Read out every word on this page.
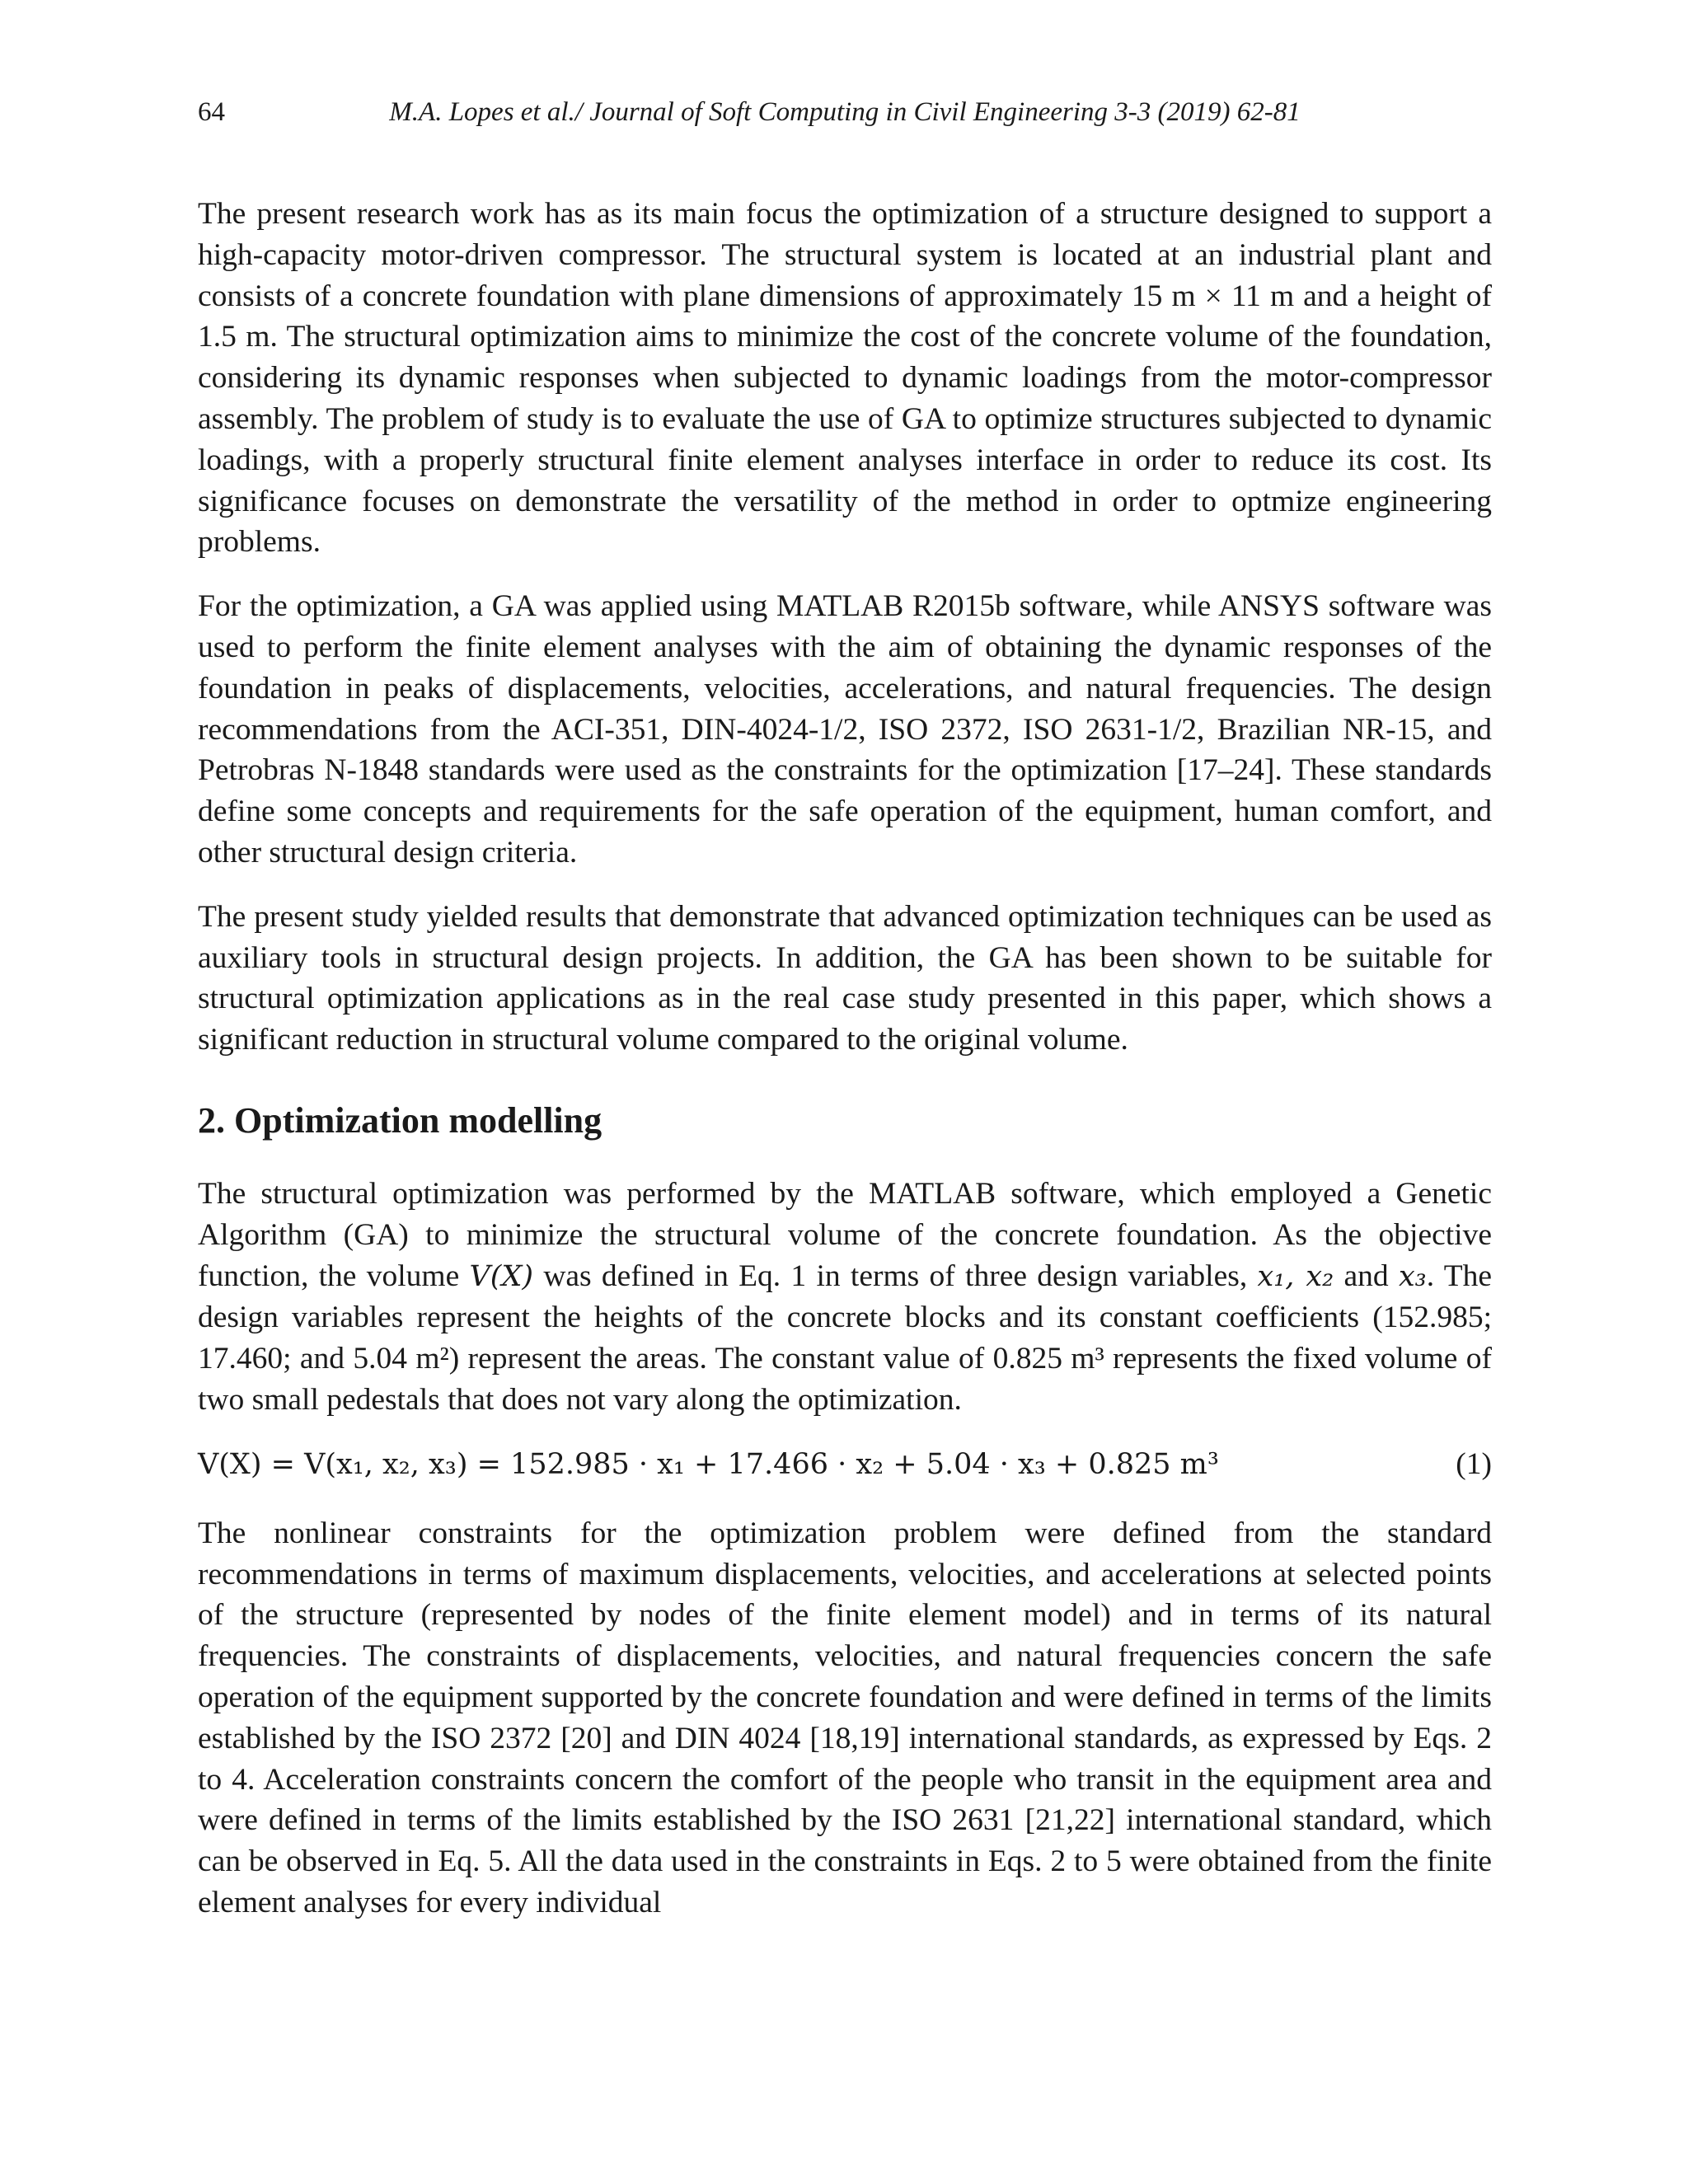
64	M.A. Lopes et al./ Journal of Soft Computing in Civil Engineering 3-3 (2019) 62-81

The present research work has as its main focus the optimization of a structure designed to support a high-capacity motor-driven compressor. The structural system is located at an industrial plant and consists of a concrete foundation with plane dimensions of approximately 15 m × 11 m and a height of 1.5 m. The structural optimization aims to minimize the cost of the concrete volume of the foundation, considering its dynamic responses when subjected to dynamic loadings from the motor-compressor assembly. The problem of study is to evaluate the use of GA to optimize structures subjected to dynamic loadings, with a properly structural finite element analyses interface in order to reduce its cost. Its significance focuses on demonstrate the versatility of the method in order to optmize engineering problems.

For the optimization, a GA was applied using MATLAB R2015b software, while ANSYS software was used to perform the finite element analyses with the aim of obtaining the dynamic responses of the foundation in peaks of displacements, velocities, accelerations, and natural frequencies. The design recommendations from the ACI-351, DIN-4024-1/2, ISO 2372, ISO 2631-1/2, Brazilian NR-15, and Petrobras N-1848 standards were used as the constraints for the optimization [17–24]. These standards define some concepts and requirements for the safe operation of the equipment, human comfort, and other structural design criteria.

The present study yielded results that demonstrate that advanced optimization techniques can be used as auxiliary tools in structural design projects. In addition, the GA has been shown to be suitable for structural optimization applications as in the real case study presented in this paper, which shows a significant reduction in structural volume compared to the original volume.

2. Optimization modelling

The structural optimization was performed by the MATLAB software, which employed a Genetic Algorithm (GA) to minimize the structural volume of the concrete foundation. As the objective function, the volume V(X) was defined in Eq. 1 in terms of three design variables, x₁, x₂ and x₃. The design variables represent the heights of the concrete blocks and its constant coefficients (152.985; 17.460; and 5.04 m²) represent the areas. The constant value of 0.825 m³ represents the fixed volume of two small pedestals that does not vary along the optimization.

V(X) = V(x₁, x₂, x₃) = 152.985 · x₁ + 17.466 · x₂ + 5.04 · x₃ + 0.825 m³	(1)

The nonlinear constraints for the optimization problem were defined from the standard recommendations in terms of maximum displacements, velocities, and accelerations at selected points of the structure (represented by nodes of the finite element model) and in terms of its natural frequencies. The constraints of displacements, velocities, and natural frequencies concern the safe operation of the equipment supported by the concrete foundation and were defined in terms of the limits established by the ISO 2372 [20] and DIN 4024 [18,19] international standards, as expressed by Eqs. 2 to 4. Acceleration constraints concern the comfort of the people who transit in the equipment area and were defined in terms of the limits established by the ISO 2631 [21,22] international standard, which can be observed in Eq. 5. All the data used in the constraints in Eqs. 2 to 5 were obtained from the finite element analyses for every individual
